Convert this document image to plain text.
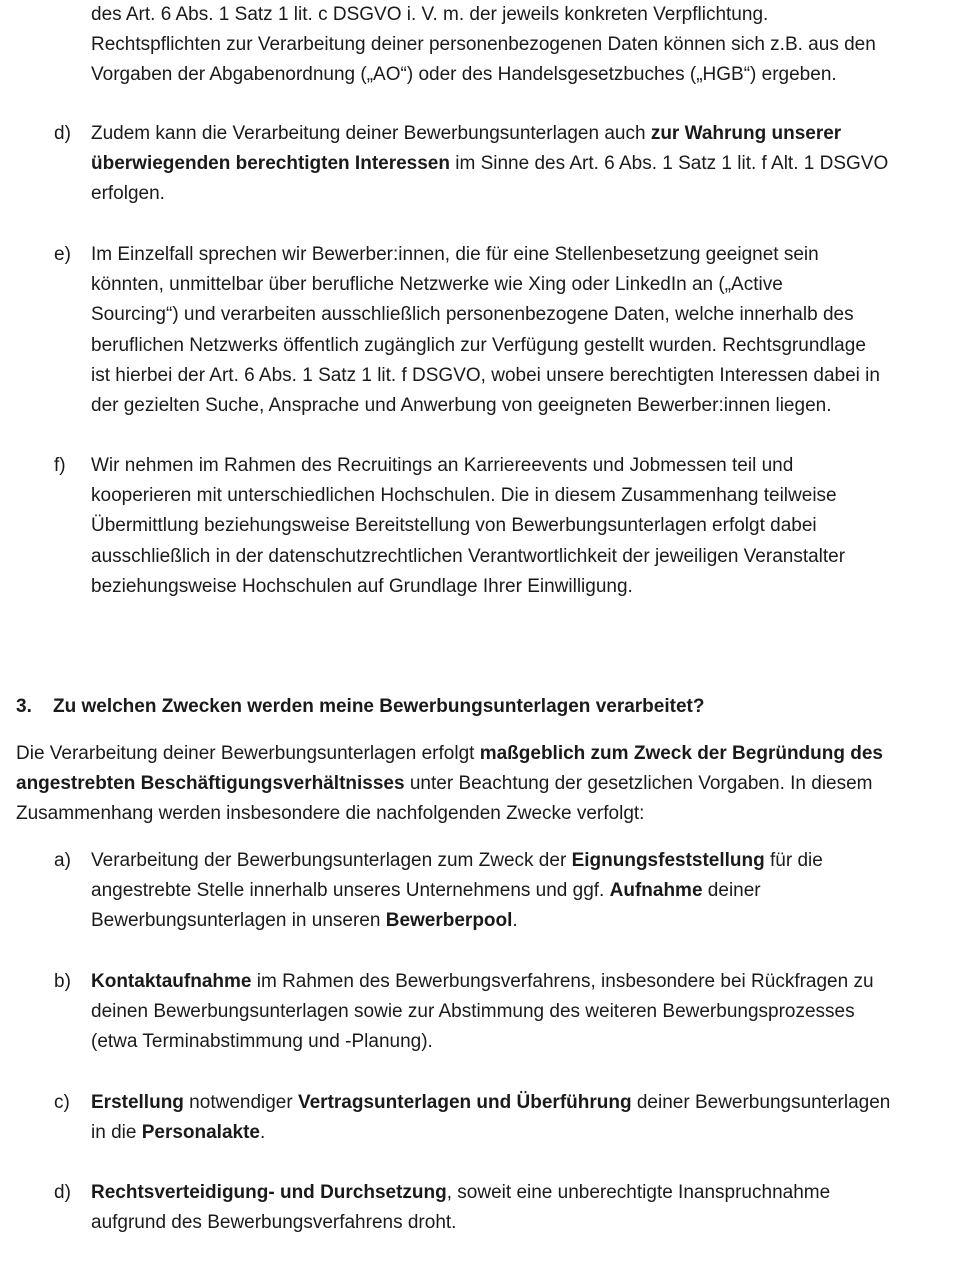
des Art. 6 Abs. 1 Satz 1 lit. c DSGVO i. V. m. der jeweils konkreten Verpflichtung.
Rechtspflichten zur Verarbeitung deiner personenbezogenen Daten können sich z.B. aus den
Vorgaben der Abgabenordnung („AO“) oder des Handelsgesetzbuches („HGB“) ergeben.
d) Zudem kann die Verarbeitung deiner Bewerbungsunterlagen auch zur Wahrung unserer
überwiegenden berechtigten Interessen im Sinne des Art. 6 Abs. 1 Satz 1 lit. f Alt. 1 DSGVO
erfolgen.
e) Im Einzelfall sprechen wir Bewerber:innen, die für eine Stellenbesetzung geeignet sein
könnten, unmittelbar über berufliche Netzwerke wie Xing oder LinkedIn an („Active
Sourcing“) und verarbeiten ausschließlich personenbezogene Daten, welche innerhalb des
beruflichen Netzwerks öffentlich zugänglich zur Verfügung gestellt wurden. Rechtsgrundlage
ist hierbei der Art. 6 Abs. 1 Satz 1 lit. f DSGVO, wobei unsere berechtigten Interessen dabei in
der gezielten Suche, Ansprache und Anwerbung von geeigneten Bewerber:innen liegen.
f) Wir nehmen im Rahmen des Recruitings an Karriereevents und Jobmessen teil und
kooperieren mit unterschiedlichen Hochschulen. Die in diesem Zusammenhang teilweise
Übermittlung beziehungsweise Bereitstellung von Bewerbungsunterlagen erfolgt dabei
ausschließlich in der datenschutzrechtlichen Verantwortlichkeit der jeweiligen Veranstalter
beziehungsweise Hochschulen auf Grundlage Ihrer Einwilligung.
3. Zu welchen Zwecken werden meine Bewerbungsunterlagen verarbeitet?
Die Verarbeitung deiner Bewerbungsunterlagen erfolgt maßgeblich zum Zweck der Begründung des
angestrebten Beschäftigungsverhältnisses unter Beachtung der gesetzlichen Vorgaben. In diesem
Zusammenhang werden insbesondere die nachfolgenden Zwecke verfolgt:
a) Verarbeitung der Bewerbungsunterlagen zum Zweck der Eignungsfeststellung für die
angestrebte Stelle innerhalb unseres Unternehmens und ggf. Aufnahme deiner
Bewerbungsunterlagen in unseren Bewerberpool.
b) Kontaktaufnahme im Rahmen des Bewerbungsverfahrens, insbesondere bei Rückfragen zu
deinen Bewerbungsunterlagen sowie zur Abstimmung des weiteren Bewerbungsprozesses
(etwa Terminabstimmung und -Planung).
c) Erstellung notwendiger Vertragsunterlagen und Überführung deiner Bewerbungsunterlagen
in die Personalakte.
d) Rechtsverteidigung- und Durchsetzung, soweit eine unberechtigte Inanspruchnahme
aufgrund des Bewerbungsverfahrens droht.
